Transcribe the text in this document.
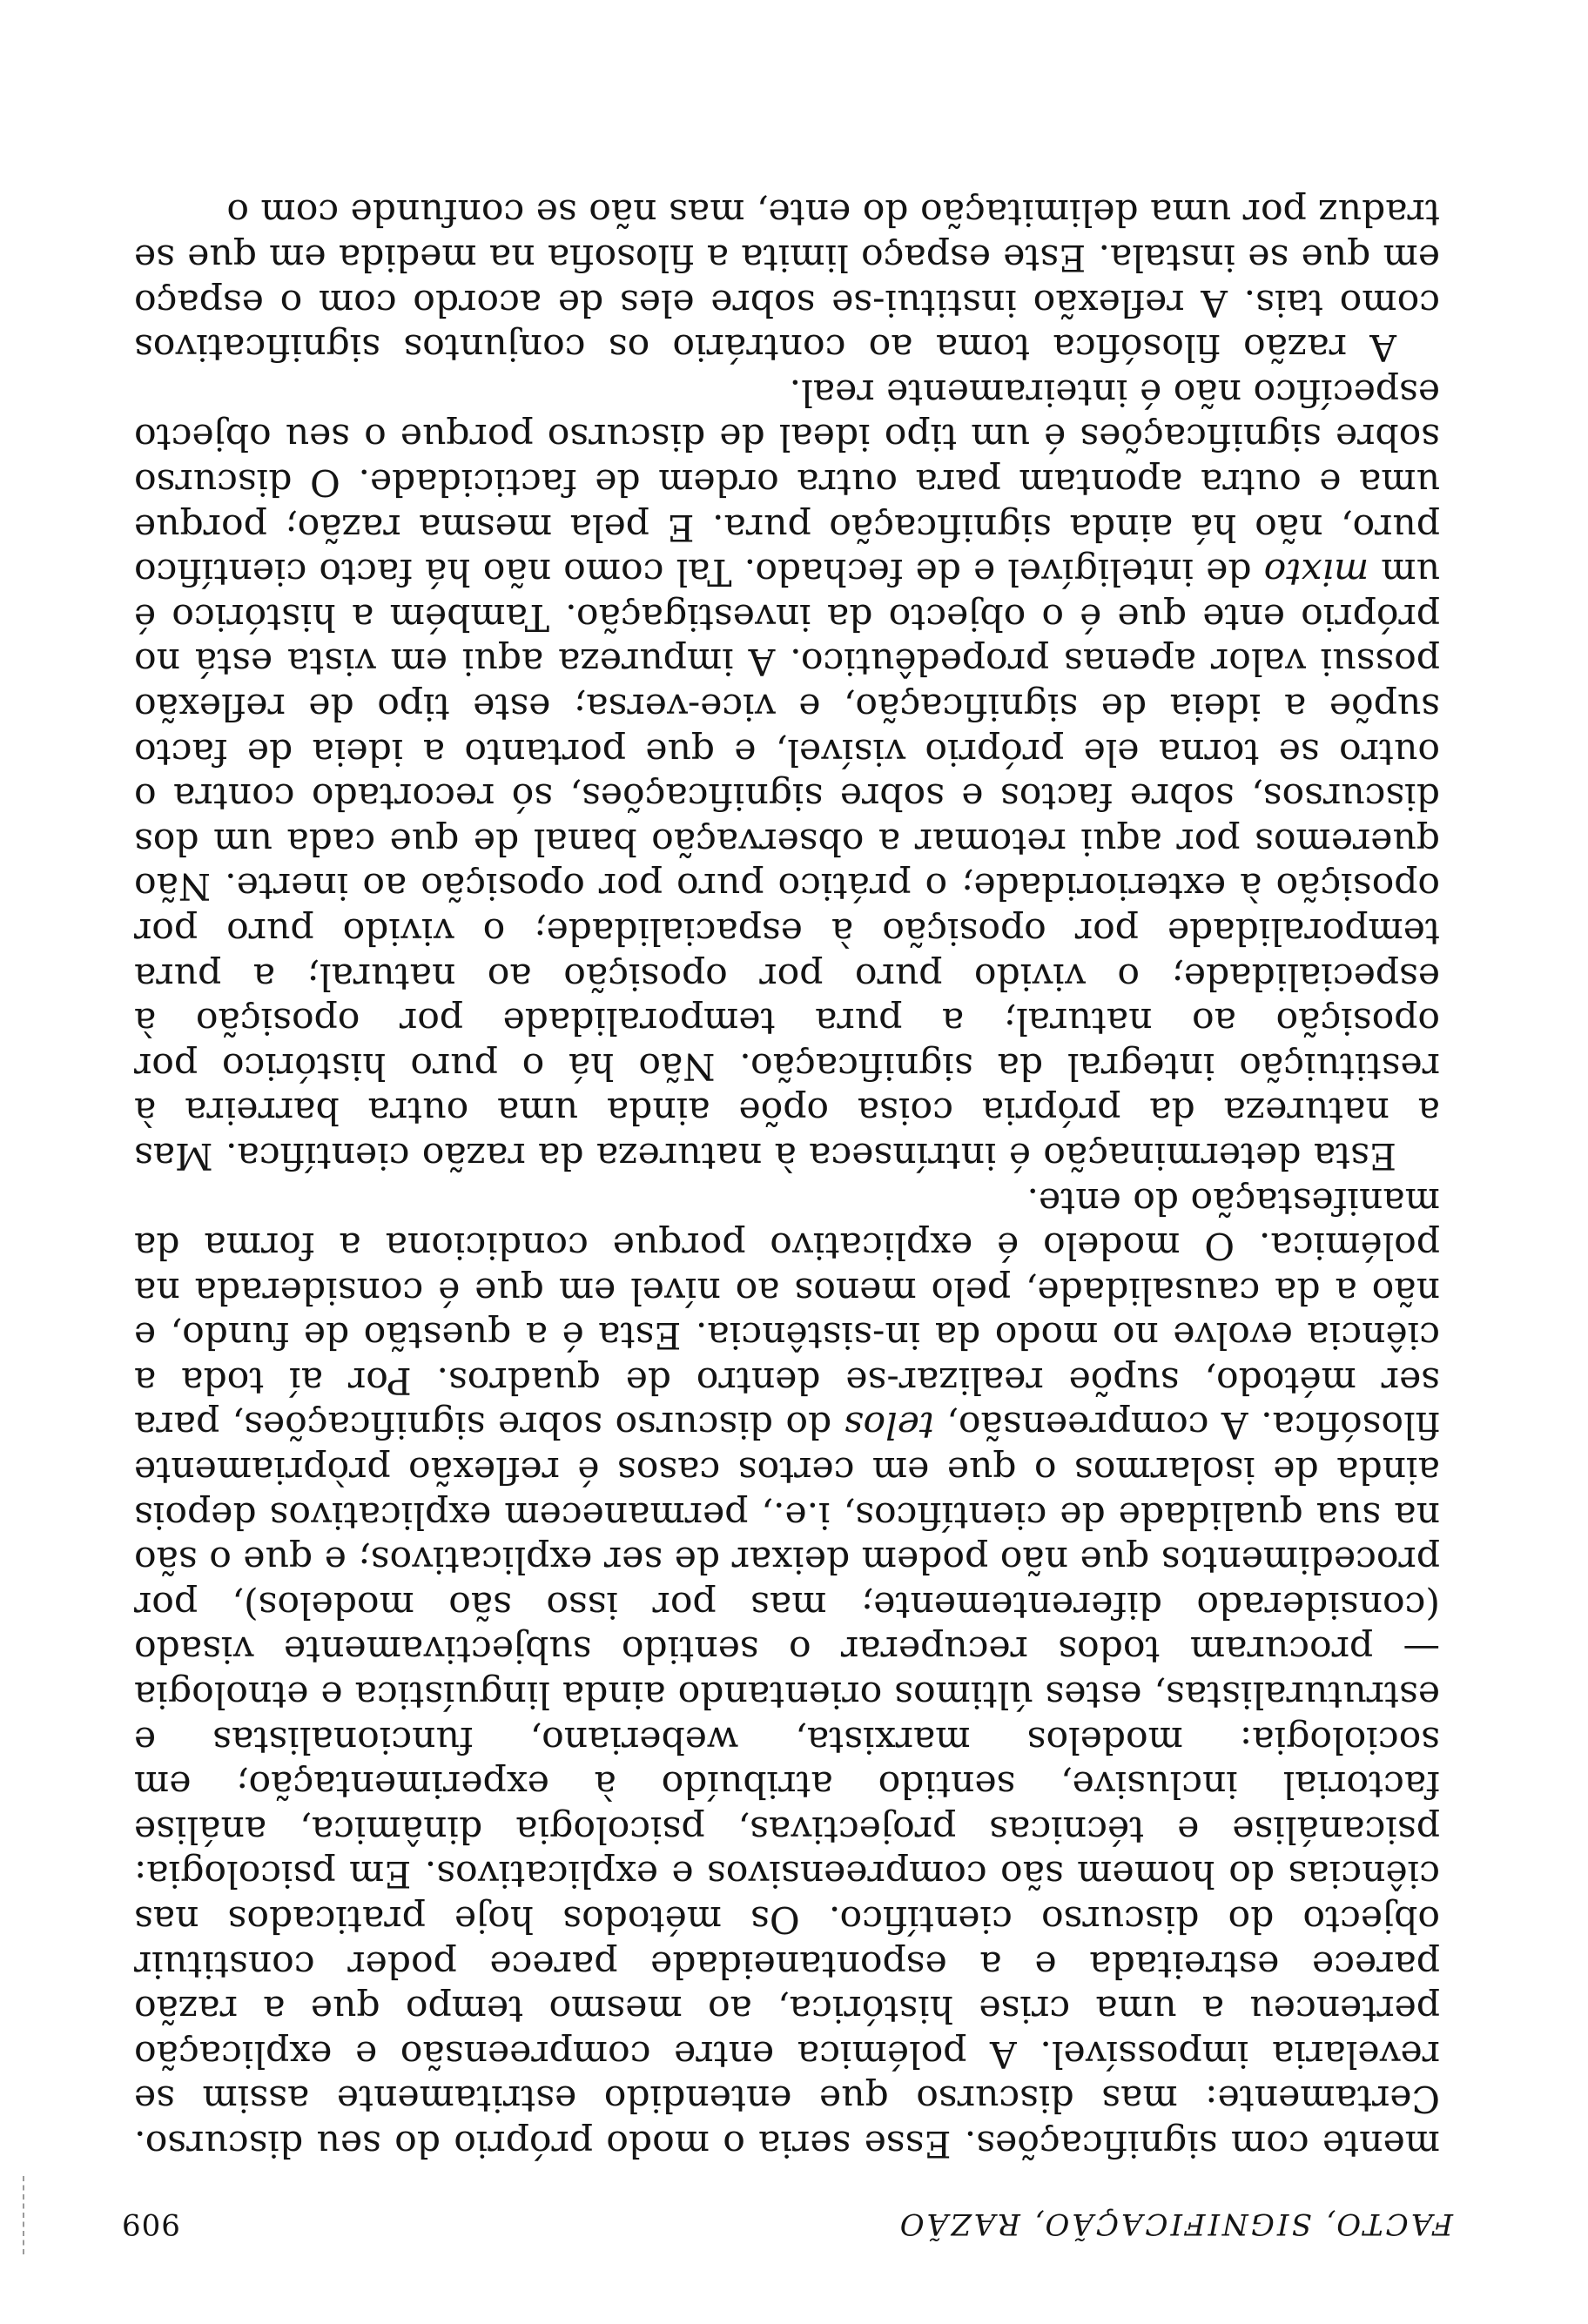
FACTO, SIGNIFICAÇÃO, RAZÃO
909

mente com significações. Esse seria o modo próprio do seu discurso. Certamente: mas discurso que entendido estritamente assim se revelaria impossível. A polémica entre compreensão e explicação pertenceu a uma crise histórica, ao mesmo tempo que a razão parece estreitada e a espontaneidade parece poder constituir objecto do discurso científico. Os métodos hoje praticados nas ciências do homem são compreensivos e explicativos. Em psicologia: psicanálise e técnicas projectivas, psicologia dinâmica, análise factorial inclusive, sentido atribuído à experimentação; em sociologia: modelos marxista, weberiano, funcionalistas e estruturalistas, estes últimos orientando ainda linguística e etnologia — procuram todos recuperar o sentido subjectivamente visado (considerado diferentemente; mas por isso são modelos), por procedimentos que não podem deixar de ser explicativos; e que o são na sua qualidade de científicos, i.e., permanecem explicativos depois ainda de isolarmos o que em certos casos é reflexão pròpriamente filosófica. A compreensão, telos do discurso sobre significações, para ser método, supõe realizar-se dentro de quadros. Por aí toda a ciência evolve no modo da in-sistência. Esta é a questão de fundo, e não a da causalidade, pelo menos ao nível em que é considerada na polémica. O modelo é explicativo porque condiciona a forma da manifestação do ente.

Esta determinação é intrínseca à natureza da razão científica. Mas a natureza da própria coisa opõe ainda uma outra barreira à restituição integral da significação. Não há o puro histórico por oposição ao natural; a pura temporalidade por oposição à especialidade; o vivido puro por oposição ao natural; a pura temporalidade por oposição à espacialidade; o vivido puro por oposição à exterioridade; o prático puro por oposição ao inerte. Não queremos por aqui retomar a observação banal de que cada um dos discursos, sobre factos e sobre significações, só recortado contra o outro se torna ele próprio visível, e que portanto a ideia de facto supõe a ideia de significação, e vice-versa; este tipo de reflexão possui valor apenas propedêutico. A impureza aqui em vista está no próprio ente que é o objecto da investigação. Também a histórico é um mixto de inteligível e de fechado. Tal como não há facto científico puro, não há ainda significação pura. E pela mesma razão; porque uma e outra apontam para outra ordem de facticidade. O discurso sobre significações é um tipo ideal de discurso porque o seu objecto específico não é inteiramente real.

A razão filosófica toma ao contrário os conjuntos significativos como tais. A reflexão institui-se sobre eles de acordo com o espaço em que se instala. Este espaço limita a filosofia na medida em que se traduz por uma delimitação do ente, mas não se confunde com o
